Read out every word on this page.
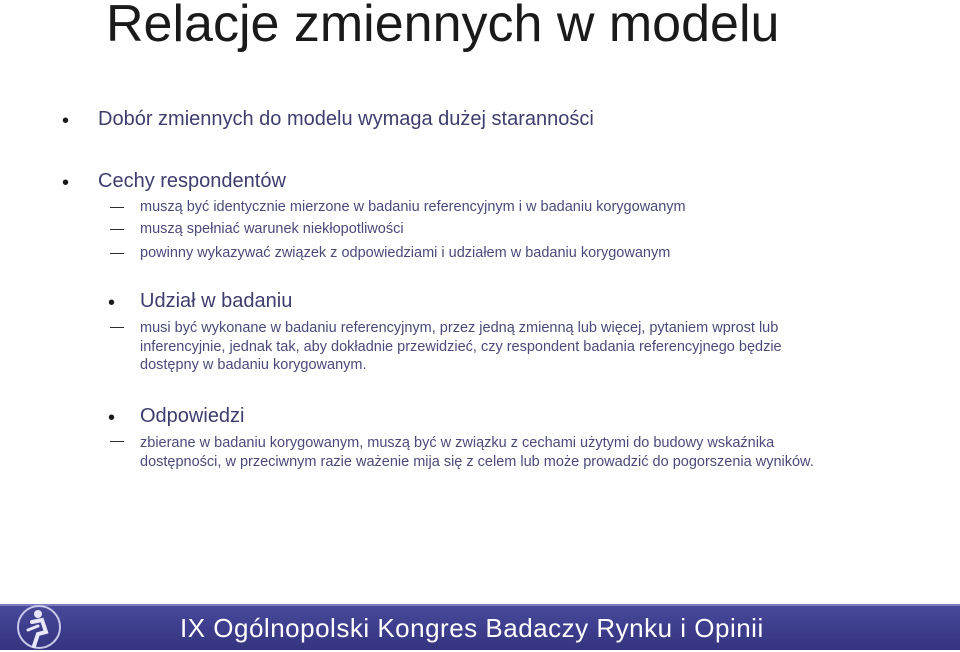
Relacje zmiennych w modelu
• Dobór zmiennych do modelu wymaga dużej staranności
• Cechy respondentów
— muszą być identycznie mierzone w badaniu referencyjnym i w badaniu korygowanym
— muszą spełniać warunek niekłopotliwości
— powinny wykazywać związek z odpowiedziami i udziałem w badaniu korygowanym
• Udział w badaniu
— musi być wykonane w badaniu referencyjnym, przez jedną zmienną lub więcej, pytaniem wprost lub
inferencyjnie, jednak tak, aby dokładnie przewidzieć, czy respondent badania referencyjnego będzie
dostępny w badaniu korygowanym.
• Odpowiedzi
— zbierane w badaniu korygowanym, muszą być w związku z cechami użytymi do budowy wskaźnika
dostępności, w przeciwnym razie ważenie mija się z celem lub może prowadzić do pogorszenia wyników.
IX Ogólnopolski Kongres Badaczy Rynku i Opinii
